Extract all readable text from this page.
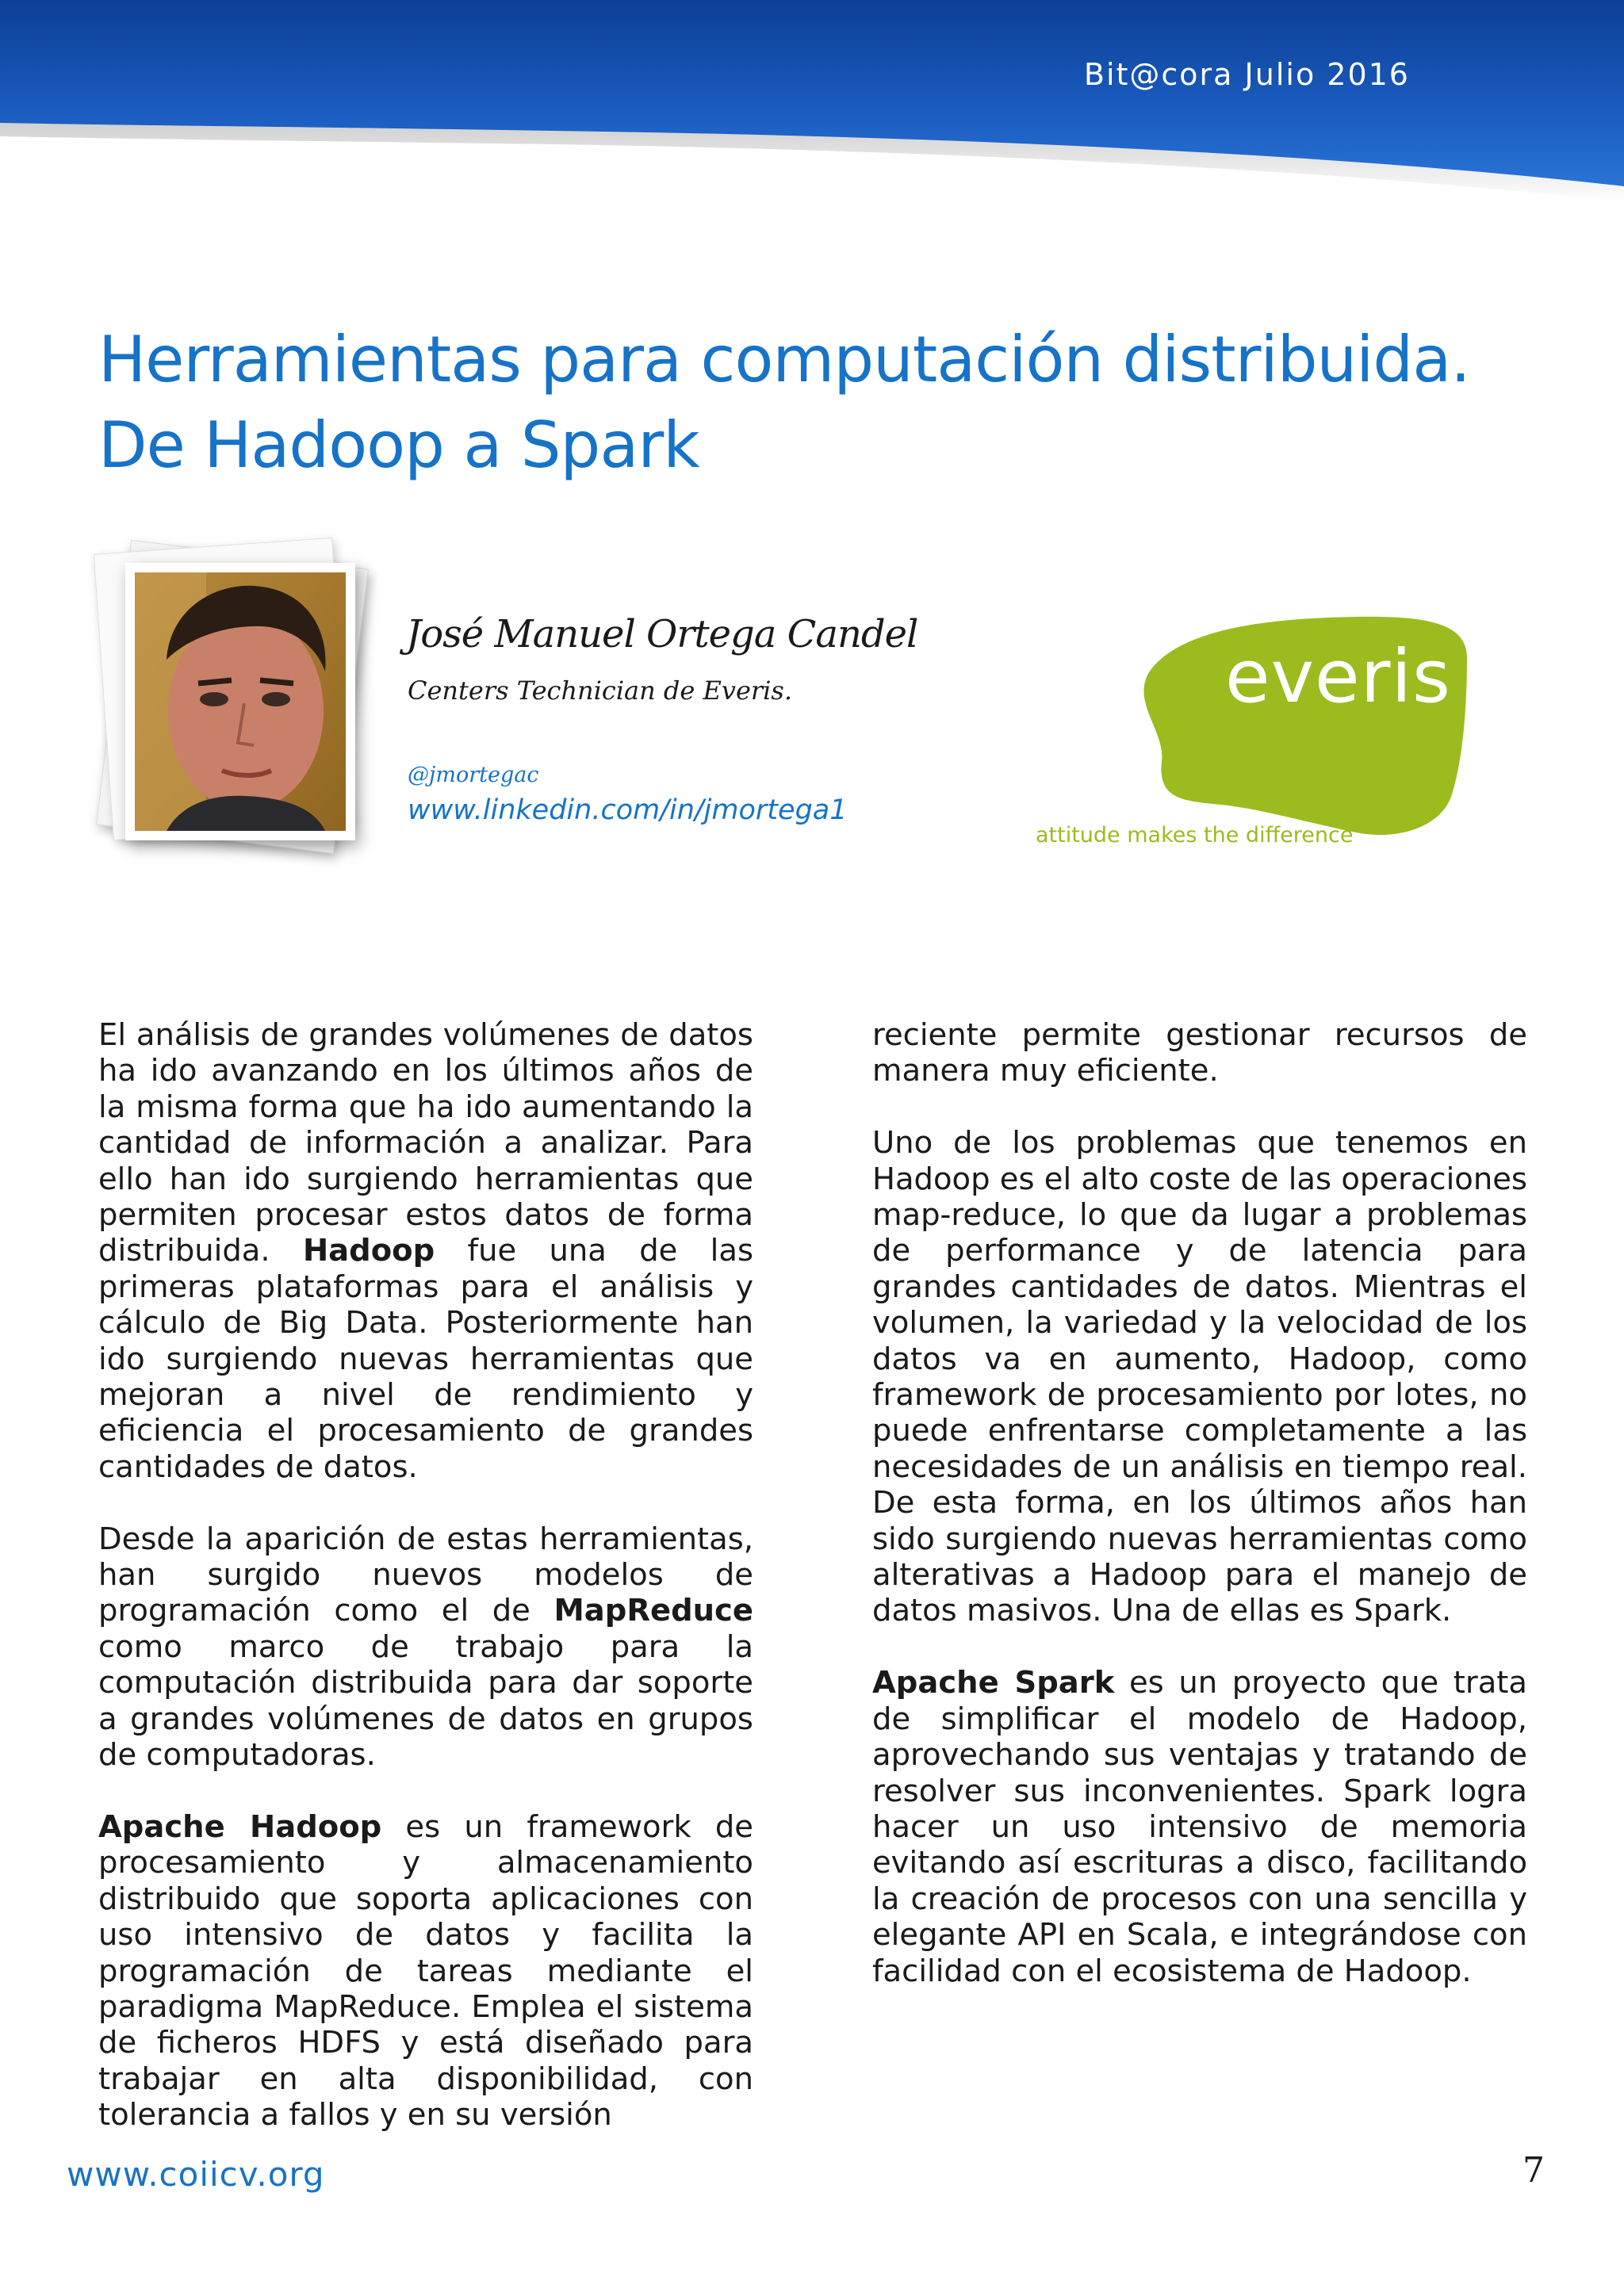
Bit@cora Julio 2016
Herramientas para computación distribuida.
De Hadoop a Spark
José Manuel Ortega Candel
Centers Technician de Everis.
@jmortegac
www.linkedin.com/in/jmortega1
everis
attitude makes the difference

El análisis de grandes volúmenes de datos ha ido avanzando en los últimos años de la misma forma que ha ido aumentando la cantidad de información a analizar. Para ello han ido surgiendo herramientas que permiten procesar estos datos de forma distribuida. Hadoop fue una de las primeras plataformas para el análisis y cálculo de Big Data. Posteriormente han ido surgiendo nuevas herramientas que mejoran a nivel de rendimiento y eficiencia el procesamiento de grandes cantidades de datos.

Desde la aparición de estas herramientas, han surgido nuevos modelos de programación como el de MapReduce como marco de trabajo para la computación distribuida para dar soporte a grandes volúmenes de datos en grupos de computadoras.

Apache Hadoop es un framework de procesamiento y almacenamiento distribuido que soporta aplicaciones con uso intensivo de datos y facilita la programación de tareas mediante el paradigma MapReduce. Emplea el sistema de ficheros HDFS y está diseñado para trabajar en alta disponibilidad, con tolerancia a fallos y en su versión

reciente permite gestionar recursos de manera muy eficiente.

Uno de los problemas que tenemos en Hadoop es el alto coste de las operaciones map-reduce, lo que da lugar a problemas de performance y de latencia para grandes cantidades de datos. Mientras el volumen, la variedad y la velocidad de los datos va en aumento, Hadoop, como framework de procesamiento por lotes, no puede enfrentarse completamente a las necesidades de un análisis en tiempo real. De esta forma, en los últimos años han sido surgiendo nuevas herramientas como alterativas a Hadoop para el manejo de datos masivos. Una de ellas es Spark.

Apache Spark es un proyecto que trata de simplificar el modelo de Hadoop, aprovechando sus ventajas y tratando de resolver sus inconvenientes. Spark logra hacer un uso intensivo de memoria evitando así escrituras a disco, facilitando la creación de procesos con una sencilla y elegante API en Scala, e integrándose con facilidad con el ecosistema de Hadoop.

www.coiicv.org	7
